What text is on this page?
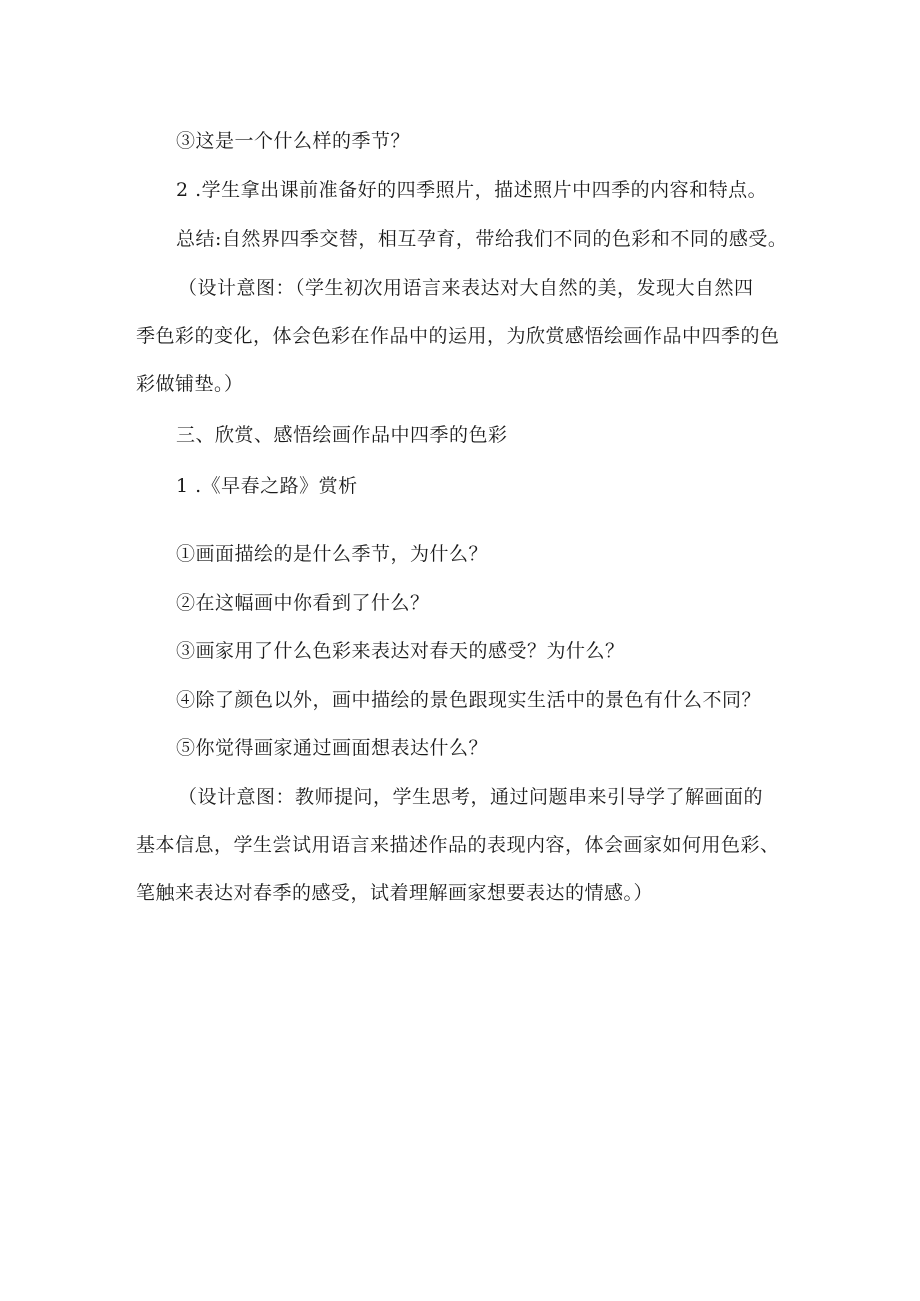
③这是一个什么样的季节？
2 .学生拿出课前准备好的四季照片，描述照片中四季的内容和特点。
总结:自然界四季交替，相互孕育，带给我们不同的色彩和不同的感受。
（设计意图：（学生初次用语言来表达对大自然的美，发现大自然四
季色彩的变化，体会色彩在作品中的运用，为欣赏感悟绘画作品中四季的色
彩做铺垫。）
三、欣赏、感悟绘画作品中四季的色彩
1 .《早春之路》赏析
①画面描绘的是什么季节，为什么？
②在这幅画中你看到了什么？
③画家用了什么色彩来表达对春天的感受？为什么？
④除了颜色以外，画中描绘的景色跟现实生活中的景色有什么不同？
⑤你觉得画家通过画面想表达什么？
（设计意图：教师提问，学生思考，通过问题串来引导学了解画面的
基本信息，学生尝试用语言来描述作品的表现内容，体会画家如何用色彩、
笔触来表达对春季的感受，试着理解画家想要表达的情感。）
